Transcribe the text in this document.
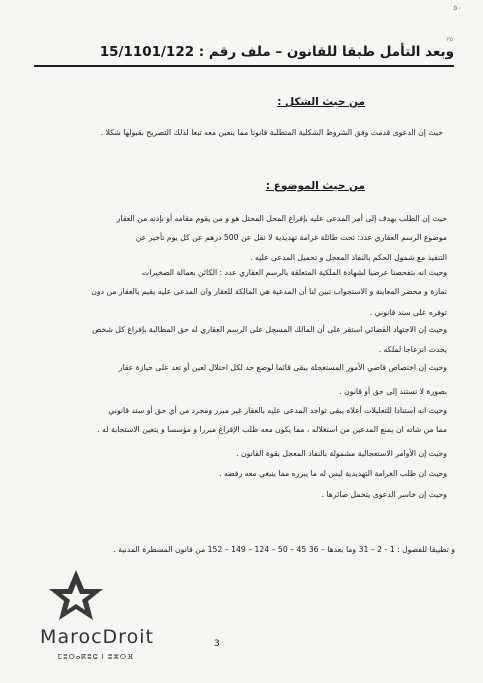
٥٠
٣٥
وبعد التأمل طبقا للقانون – ملف رقم : 15/1101/122
من حيث الشكل :
حيث إن الدعوى قدمت وفق الشروط الشكلية المتطلبة قانونا مما يتعين معه تبعا لذلك التصريح بقبولها شكلا .
من حيث الموضوع :
حيث إن الطلب يهدف إلى أمر المدعى عليه بإفراغ المحل المحتل هو و من يقوم مقامه أو بإذنه من العقار
موضوع الرسم العقاري عدد: تحت طائلة غرامة تهديدية لا تقل عن 500 درهم عن كل يوم تأخير عن
التنفيذ مع شمول الحكم بالنفاذ المعجل و تحميل المدعى عليه .
وحيث انه بتفحصنا عرضيا لشهادة الملكية المتعلقة بالرسم العقاري عدد : الكائن بعمالة الصخيرات
تمارة و محضر المعاينة و الاستجواب تبين لنا أن المدعية هي المالكة للعقار وان المدعى عليه يقيم بالعقار من دون
توفره على سند قانوني .
وحيث إن الاجتهاد القضائي استقر على أن المالك المسجل على الرسم العقاري له حق المطالبة بإفراغ كل شخص
يحدث انزعاجا لملكه .
وحيث إن اختصاص قاضي الأمور المستعجلة يبقى قائما لوضع حد لكل احتلال لعين أو تعد على حيازة عقار
بصورة لا تستند إلى حق أو قانون .
وحيث انه استنادا للتعليلات أعلاه يبقى تواجد المدعى عليه بالعقار غير مبرر ومجرد من أي حق أو سند قانوني
مما من شانه ان يمنع المدعين من استغلاله ، مما يكون معه طلب الإفراغ مبررا و مؤسسا و يتعين الاستجابة له .
وحيث إن الأوامر الاستعجالية مشمولة بالنفاذ المعجل بقوة القانون .
وحيث ان طلب الغرامة التهديدية ليس له ما يبرره مما ينبغي معه رفضه .
وحيث إن خاسر الدعوى يتحمل صائرها .
و تطبيقا للفصول : 1 - 2 – 31 وما بعدها – 36 45 – 50 – 124 – 149 – 152 من قانون المسطرة المدنية .
MarocDroit
ⵎⵓⵔⴰⴽⵓⵛ ⵏ ⵓⵣⵔⴼ
3
